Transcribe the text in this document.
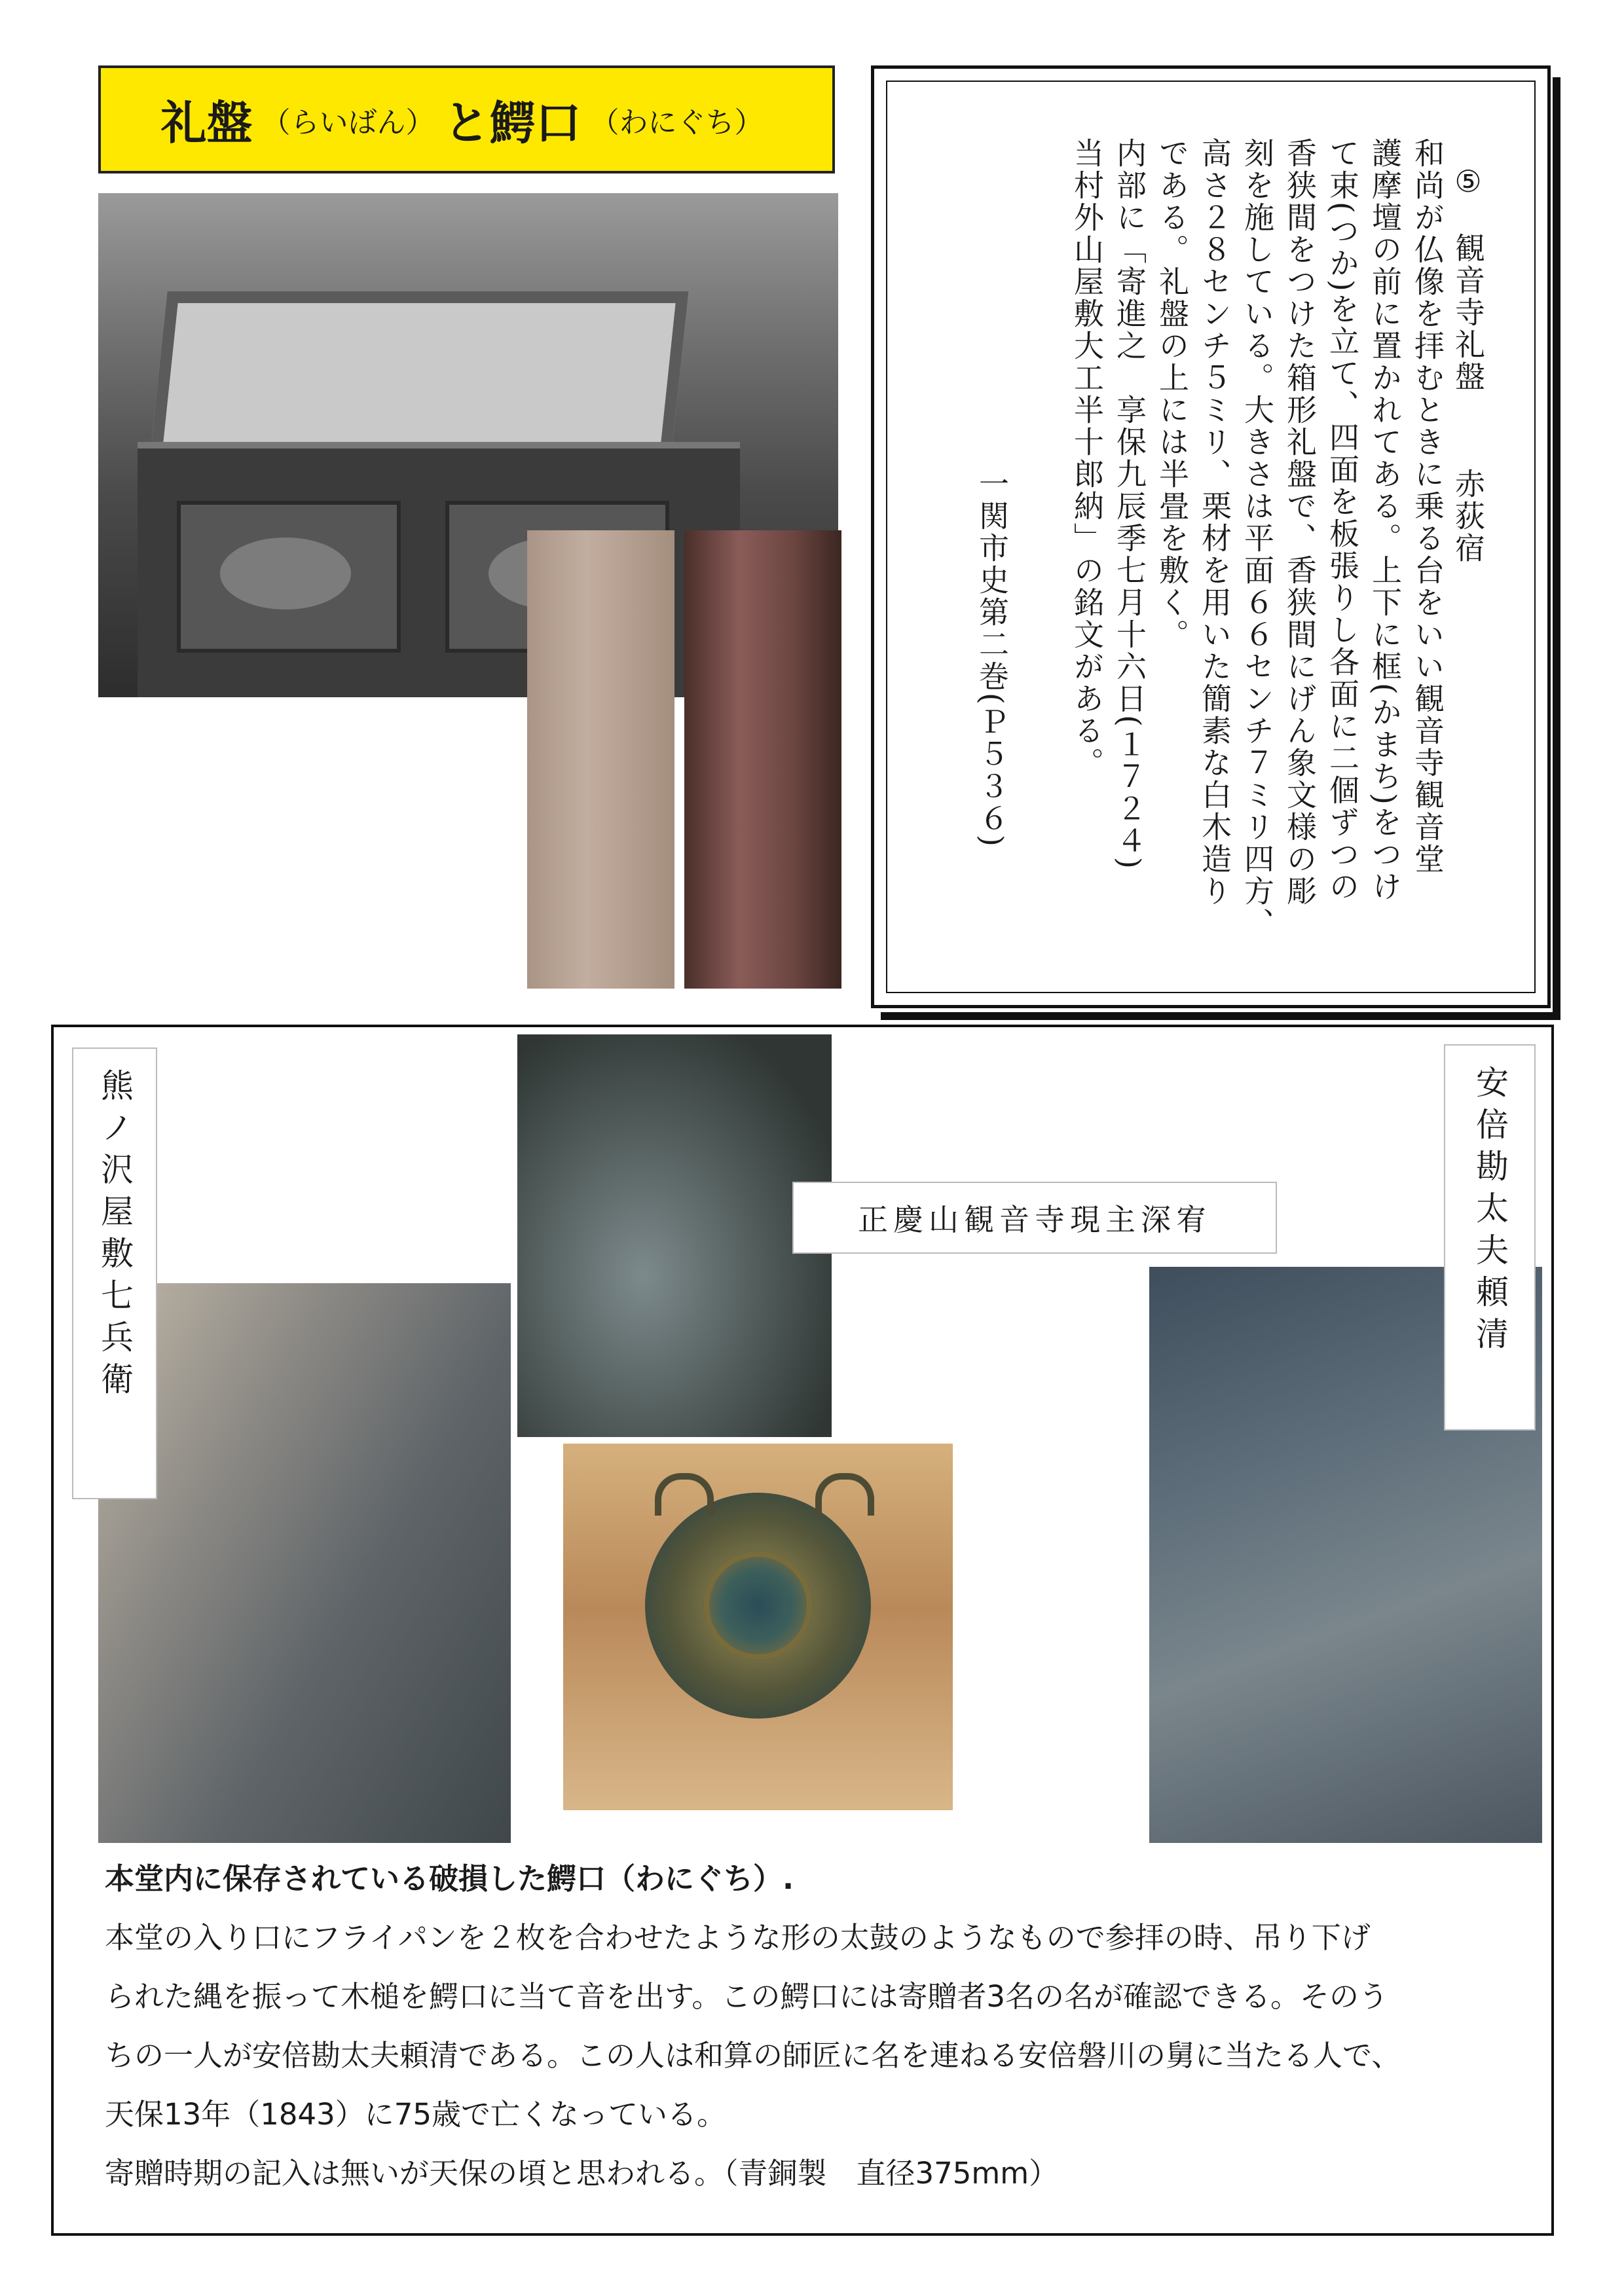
礼盤 （らいばん） と 鰐口 （わにぐち）
⑤
観音寺礼盤
赤荻宿
和尚が仏像を拝むときに乗る台をいい観音寺観音堂
護摩壇の前に置かれてある。上下に框(かまち)をつけ
て束(つか)を立て、四面を板張りし各面に二個ずつの
香狭間をつけた箱形礼盤で、香狭間にげん象文様の彫
刻を施している。大きさは平面６６センチ７ミリ四方、
高さ２８センチ５ミリ、栗材を用いた簡素な白木造り
である。礼盤の上には半畳を敷く。
内部に「寄進之　享保九辰季七月十六日(１７２４)
当村外山屋敷大工半十郎納」の銘文がある。
一関市史第二巻(Ｐ５３６)
熊ノ沢屋敷七兵衛	正慶山観音寺現主深宥	安倍勘太夫頼清

本堂内に保存されている破損した鰐口（わにぐち）.

本堂の入り口にフライパンを２枚を合わせたような形の太鼓のようなもので参拝の時、吊り下げ

られた縄を振って木槌を鰐口に当て音を出す。この鰐口には寄贈者3名の名が確認できる。そのう

ちの一人が安倍勘太夫頼清である。この人は和算の師匠に名を連ねる安倍磐川の舅に当たる人で、

天保13年（1843）に75歳で亡くなっている。

寄贈時期の記入は無いが天保の頃と思われる。（青銅製　直径375mm）
